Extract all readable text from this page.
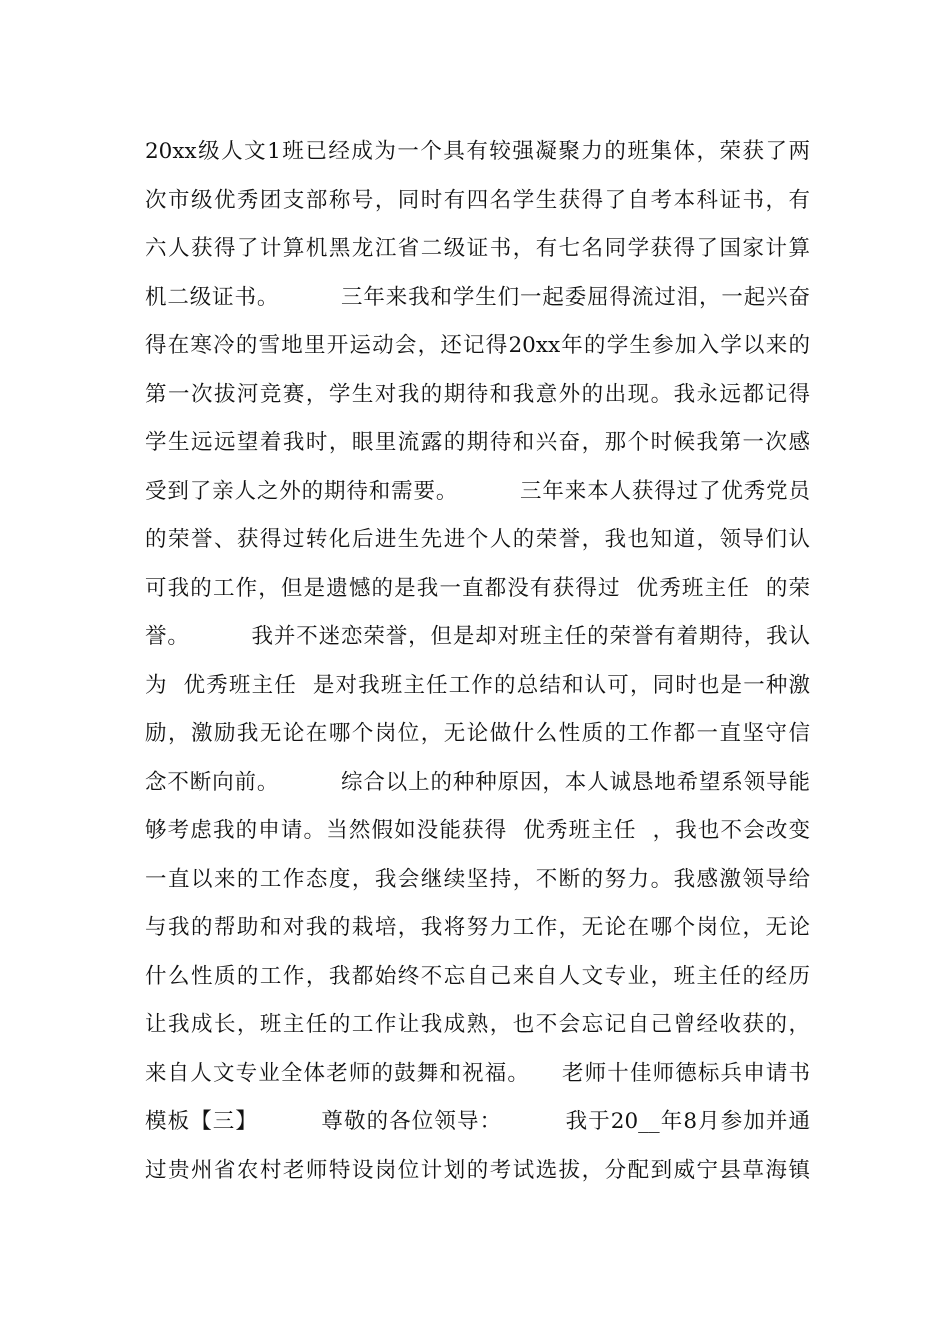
20xx级人文1班已经成为一个具有较强凝聚力的班集体，荣获了两
次市级优秀团支部称号，同时有四名学生获得了自考本科证书，有
六人获得了计算机黑龙江省二级证书，有七名同学获得了国家计算
机二级证书。        三年来我和学生们一起委屈得流过泪，一起兴奋
得在寒冷的雪地里开运动会，还记得20xx年的学生参加入学以来的
第一次拔河竞赛，学生对我的期待和我意外的出现。我永远都记得
学生远远望着我时，眼里流露的期待和兴奋，那个时候我第一次感
受到了亲人之外的期待和需要。        三年来本人获得过了优秀党员
的荣誉、获得过转化后进生先进个人的荣誉，我也知道，领导们认
可我的工作，但是遗憾的是我一直都没有获得过  优秀班主任  的荣
誉。        我并不迷恋荣誉，但是却对班主任的荣誉有着期待，我认
为  优秀班主任  是对我班主任工作的总结和认可，同时也是一种激
励，激励我无论在哪个岗位，无论做什么性质的工作都一直坚守信
念不断向前。        综合以上的种种原因，本人诚恳地希望系领导能
够考虑我的申请。当然假如没能获得  优秀班主任  ，我也不会改变
一直以来的工作态度，我会继续坚持，不断的努力。我感激领导给
与我的帮助和对我的栽培，我将努力工作，无论在哪个岗位，无论
什么性质的工作，我都始终不忘自己来自人文专业，班主任的经历
让我成长，班主任的工作让我成熟，也不会忘记自己曾经收获的，
来自人文专业全体老师的鼓舞和祝福。    老师十佳师德标兵申请书
模板【三】        尊敬的各位领导：        我于20__年8月参加并通
过贵州省农村老师特设岗位计划的考试选拔，分配到威宁县草海镇
